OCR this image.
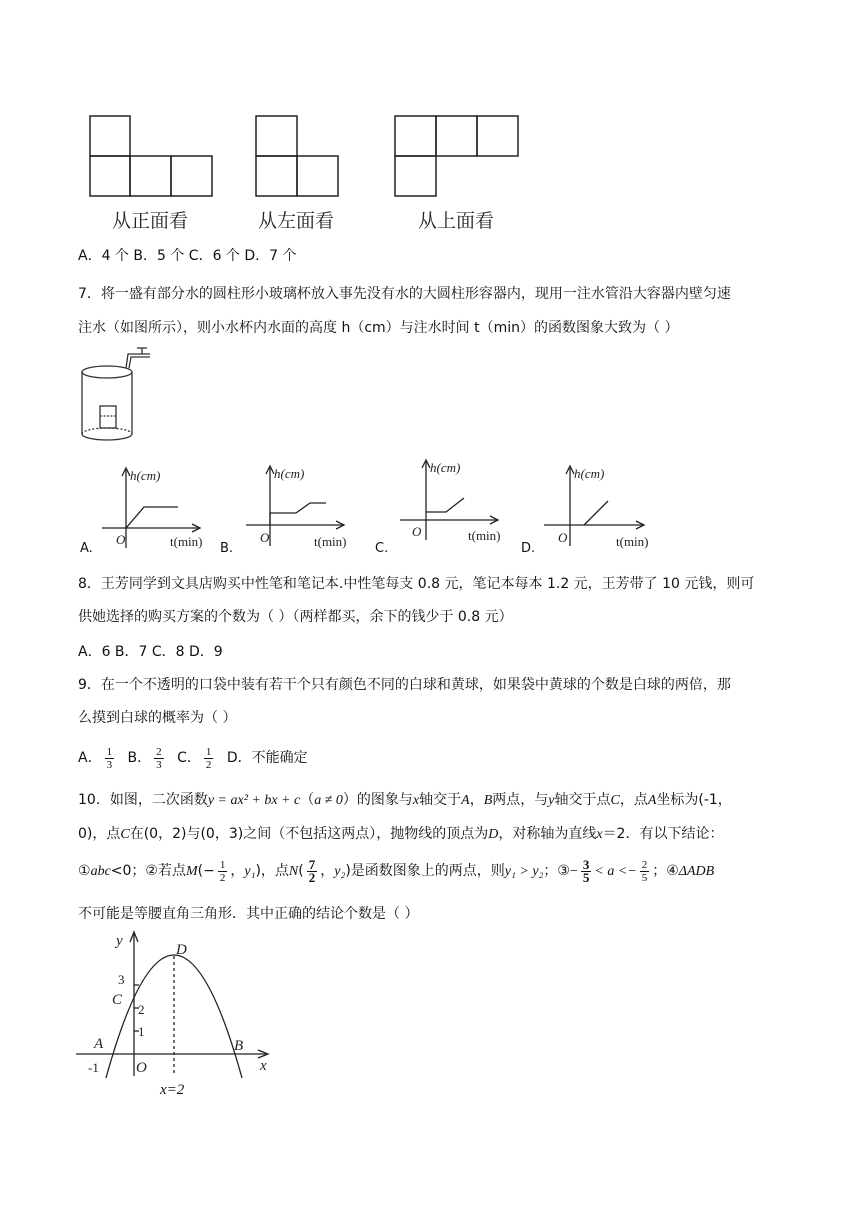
从正面看	从左面看	从上面看
A．4 个 B．5 个 C．6 个 D．7 个
7．将一盛有部分水的圆柱形小玻璃杯放入事先没有水的大圆柱形容器内，现用一注水管沿大容器内壁匀速
注水（如图所示），则小水杯内水面的高度 h（cm）与注水时间 t（min）的函数图象大致为（ ）
h(cm)
O	t(min)
A.
h(cm)
O	t(min)
B.
h(cm)
O	t(min)
C.
h(cm)
O	t(min)
D.
8．王芳同学到文具店购买中性笔和笔记本.中性笔每支 0.8 元，笔记本每本 1.2 元，王芳带了 10 元钱，则可
供她选择的购买方案的个数为（ ）（两样都买，余下的钱少于 0.8 元）
A．6 B．7 C．8 D．9
9．在一个不透明的口袋中装有若干个只有颜色不同的白球和黄球，如果袋中黄球的个数是白球的两倍，那
么摸到白球的概率为（ ）
A． $\frac{1}{3}$ B． $\frac{2}{3}$ C． $\frac{1}{2}$ D．不能确定
10．如图，二次函数y = ax² + bx + c（a ≠ 0）的图象与x轴交于A，B两点，与y轴交于点C，点A坐标为(-1，
0)，点C在(0，2)与(0，3)之间（不包括这两点），抛物线的顶点为D，对称轴为直线x＝2．有以下结论：
①abc<0；②若点$M(- \frac{1}{2}$ ，y₁)，点$N( \frac{7}{2}$ ，y₂)是函数图象上的两点，则y₁ > y₂；③− $\frac{3}{5} < a <- \frac{2}{5}$ ；④ΔADB
不可能是等腰直角三角形．其中正确的结论个数是（ ）
y
x
D
3
C
2
1
A	B
-1 O
x=2
